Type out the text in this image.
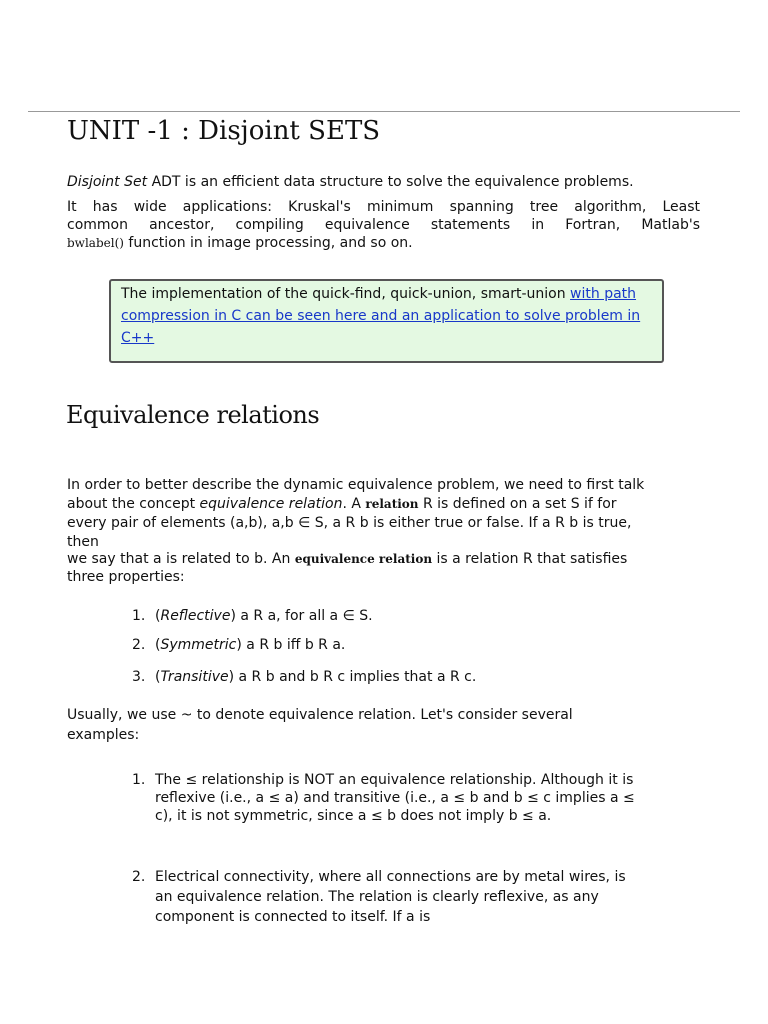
UNIT -1 : Disjoint SETS
Disjoint Set ADT is an efficient data structure to solve the equivalence problems.
It has wide applications: Kruskal's minimum spanning tree algorithm, Least
common ancestor, compiling equivalence statements in Fortran, Matlab's
bwlabel() function in image processing, and so on.
The implementation of the quick-find, quick-union, smart-union with path compression in C can be seen here and an application to solve problem in C++
Equivalence relations
In order to better describe the dynamic equivalence problem, we need to first talk about the concept equivalence relation. A relation R is defined on a set S if for every pair of elements (a,b), a,b ∈ S, a R b is either true or false. If a R b is true, then
we say that a is related to b. An equivalence relation is a relation R that satisfies three properties:
1. (Reflective) a R a, for all a ∈ S.
2. (Symmetric) a R b iff b R a.
3. (Transitive) a R b and b R c implies that a R c.
Usually, we use ~ to denote equivalence relation. Let's consider several examples:
1. The ≤ relationship is NOT an equivalence relationship. Although it is reflexive (i.e., a ≤ a) and transitive (i.e., a ≤ b and b ≤ c implies a ≤ c), it is not symmetric, since a ≤ b does not imply b ≤ a.
2. Electrical connectivity, where all connections are by metal wires, is an equivalence relation. The relation is clearly reflexive, as any component is connected to itself. If a is
